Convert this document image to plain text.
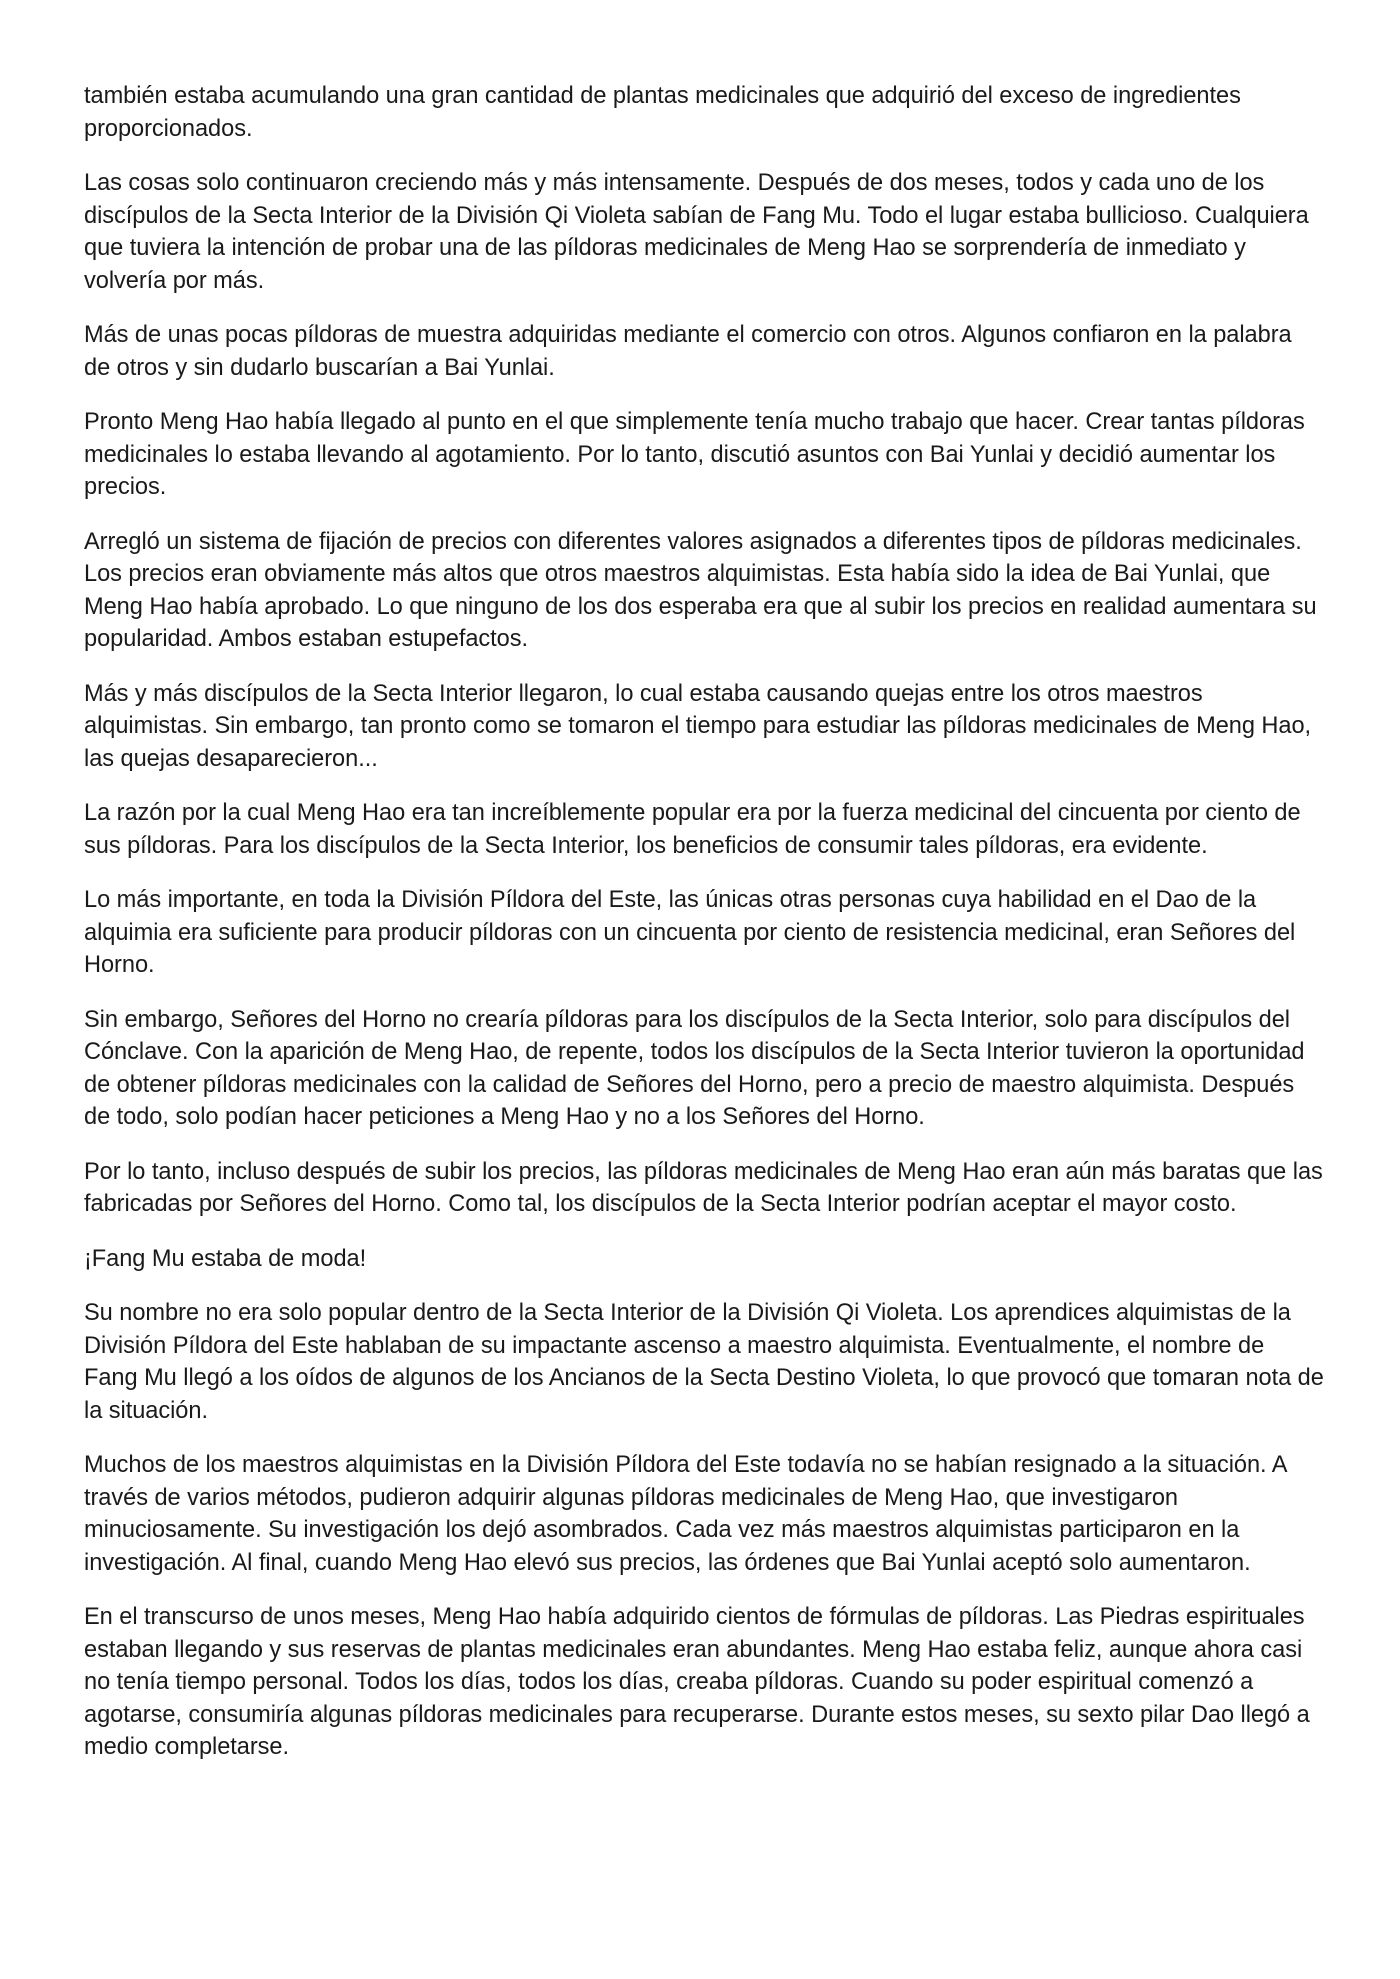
también estaba acumulando una gran cantidad de plantas medicinales que adquirió del exceso de ingredientes proporcionados.

Las cosas solo continuaron creciendo más y más intensamente. Después de dos meses, todos y cada uno de los discípulos de la Secta Interior de la División Qi Violeta sabían de Fang Mu. Todo el lugar estaba bullicioso. Cualquiera que tuviera la intención de probar una de las píldoras medicinales de Meng Hao se sorprendería de inmediato y volvería por más.

Más de unas pocas píldoras de muestra adquiridas mediante el comercio con otros. Algunos confiaron en la palabra de otros y sin dudarlo buscarían a Bai Yunlai.

Pronto Meng Hao había llegado al punto en el que simplemente tenía mucho trabajo que hacer. Crear tantas píldoras medicinales lo estaba llevando al agotamiento. Por lo tanto, discutió asuntos con Bai Yunlai y decidió aumentar los precios.

Arregló un sistema de fijación de precios con diferentes valores asignados a diferentes tipos de píldoras medicinales. Los precios eran obviamente más altos que otros maestros alquimistas. Esta había sido la idea de Bai Yunlai, que Meng Hao había aprobado. Lo que ninguno de los dos esperaba era que al subir los precios en realidad aumentara su popularidad. Ambos estaban estupefactos.

Más y más discípulos de la Secta Interior llegaron, lo cual estaba causando quejas entre los otros maestros alquimistas. Sin embargo, tan pronto como se tomaron el tiempo para estudiar las píldoras medicinales de Meng Hao, las quejas desaparecieron...

La razón por la cual Meng Hao era tan increíblemente popular era por la fuerza medicinal del cincuenta por ciento de sus píldoras. Para los discípulos de la Secta Interior, los beneficios de consumir tales píldoras, era evidente.

Lo más importante, en toda la División Píldora del Este, las únicas otras personas cuya habilidad en el Dao de la alquimia era suficiente para producir píldoras con un cincuenta por ciento de resistencia medicinal, eran Señores del Horno.

Sin embargo, Señores del Horno no crearía píldoras para los discípulos de la Secta Interior, solo para discípulos del Cónclave. Con la aparición de Meng Hao, de repente, todos los discípulos de la Secta Interior tuvieron la oportunidad de obtener píldoras medicinales con la calidad de Señores del Horno, pero a precio de maestro alquimista. Después de todo, solo podían hacer peticiones a Meng Hao y no a los Señores del Horno.

Por lo tanto, incluso después de subir los precios, las píldoras medicinales de Meng Hao eran aún más baratas que las fabricadas por Señores del Horno. Como tal, los discípulos de la Secta Interior podrían aceptar el mayor costo.

¡Fang Mu estaba de moda!

Su nombre no era solo popular dentro de la Secta Interior de la División Qi Violeta. Los aprendices alquimistas de la División Píldora del Este hablaban de su impactante ascenso a maestro alquimista. Eventualmente, el nombre de Fang Mu llegó a los oídos de algunos de los Ancianos de la Secta Destino Violeta, lo que provocó que tomaran nota de la situación.

Muchos de los maestros alquimistas en la División Píldora del Este todavía no se habían resignado a la situación. A través de varios métodos, pudieron adquirir algunas píldoras medicinales de Meng Hao, que investigaron minuciosamente. Su investigación los dejó asombrados. Cada vez más maestros alquimistas participaron en la investigación. Al final, cuando Meng Hao elevó sus precios, las órdenes que Bai Yunlai aceptó solo aumentaron.

En el transcurso de unos meses, Meng Hao había adquirido cientos de fórmulas de píldoras. Las Piedras espirituales estaban llegando y sus reservas de plantas medicinales eran abundantes. Meng Hao estaba feliz, aunque ahora casi no tenía tiempo personal. Todos los días, todos los días, creaba píldoras. Cuando su poder espiritual comenzó a agotarse, consumiría algunas píldoras medicinales para recuperarse. Durante estos meses, su sexto pilar Dao llegó a medio completarse.
